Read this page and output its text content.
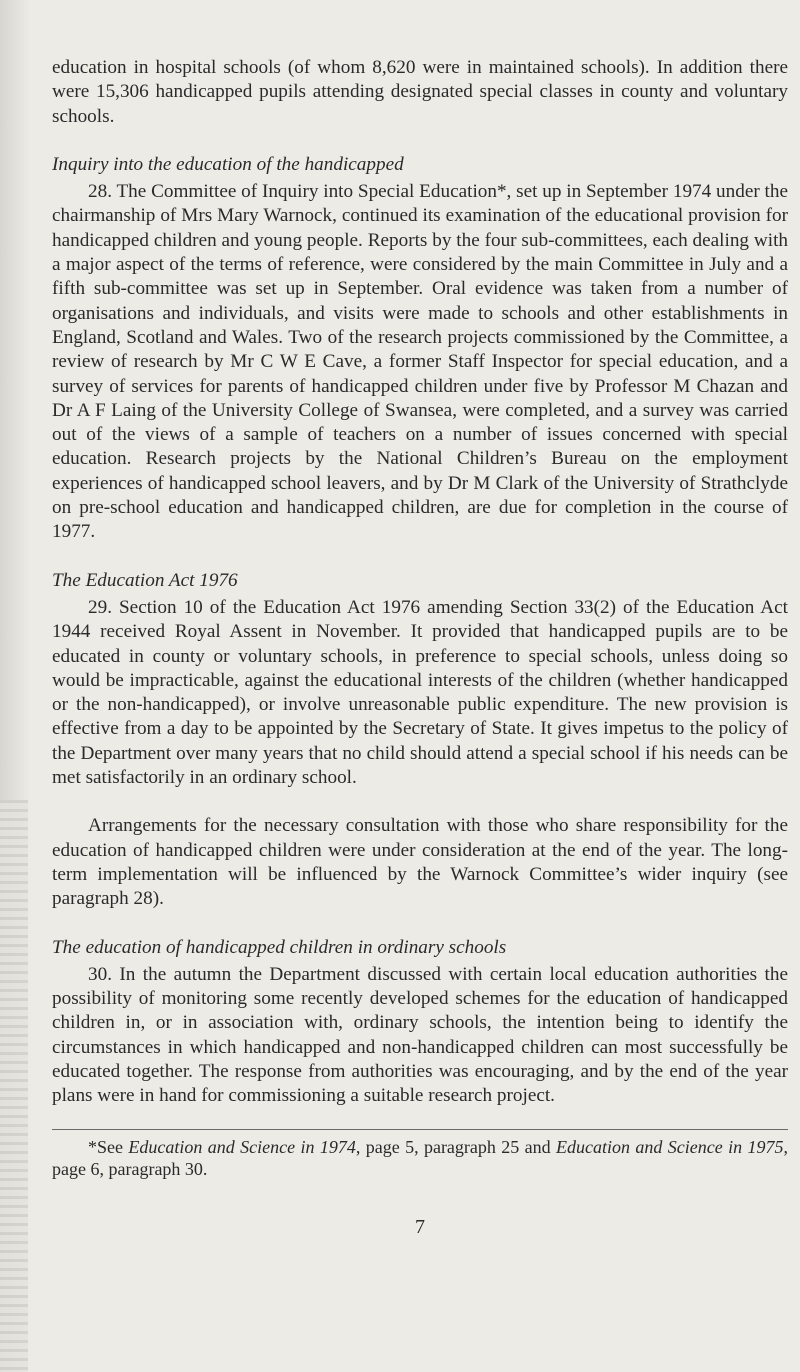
education in hospital schools (of whom 8,620 were in maintained schools). In addition there were 15,306 handicapped pupils attending designated special classes in county and voluntary schools.

Inquiry into the education of the handicapped

28. The Committee of Inquiry into Special Education*, set up in September 1974 under the chairmanship of Mrs Mary Warnock, continued its examination of the educational provision for handicapped children and young people. Reports by the four sub-committees, each dealing with a major aspect of the terms of reference, were considered by the main Committee in July and a fifth sub-committee was set up in September. Oral evidence was taken from a number of organisations and individuals, and visits were made to schools and other establishments in England, Scotland and Wales. Two of the research projects commissioned by the Committee, a review of research by Mr C W E Cave, a former Staff Inspector for special education, and a survey of services for parents of handicapped children under five by Professor M Chazan and Dr A F Laing of the University College of Swansea, were completed, and a survey was carried out of the views of a sample of teachers on a number of issues concerned with special education. Research projects by the National Children’s Bureau on the employment experiences of handicapped school leavers, and by Dr M Clark of the University of Strathclyde on pre-school education and handicapped children, are due for completion in the course of 1977.

The Education Act 1976

29. Section 10 of the Education Act 1976 amending Section 33(2) of the Education Act 1944 received Royal Assent in November. It provided that handicapped pupils are to be educated in county or voluntary schools, in preference to special schools, unless doing so would be impracticable, against the educational interests of the children (whether handicapped or the non-handicapped), or involve unreasonable public expenditure. The new provision is effective from a day to be appointed by the Secretary of State. It gives impetus to the policy of the Department over many years that no child should attend a special school if his needs can be met satisfactorily in an ordinary school.

Arrangements for the necessary consultation with those who share responsibility for the education of handicapped children were under consideration at the end of the year. The long-term implementation will be influenced by the Warnock Committee’s wider inquiry (see paragraph 28).

The education of handicapped children in ordinary schools

30. In the autumn the Department discussed with certain local education authorities the possibility of monitoring some recently developed schemes for the education of handicapped children in, or in association with, ordinary schools, the intention being to identify the circumstances in which handicapped and non-handicapped children can most successfully be educated together. The response from authorities was encouraging, and by the end of the year plans were in hand for commissioning a suitable research project.

*See Education and Science in 1974, page 5, paragraph 25 and Education and Science in 1975, page 6, paragraph 30.

7
